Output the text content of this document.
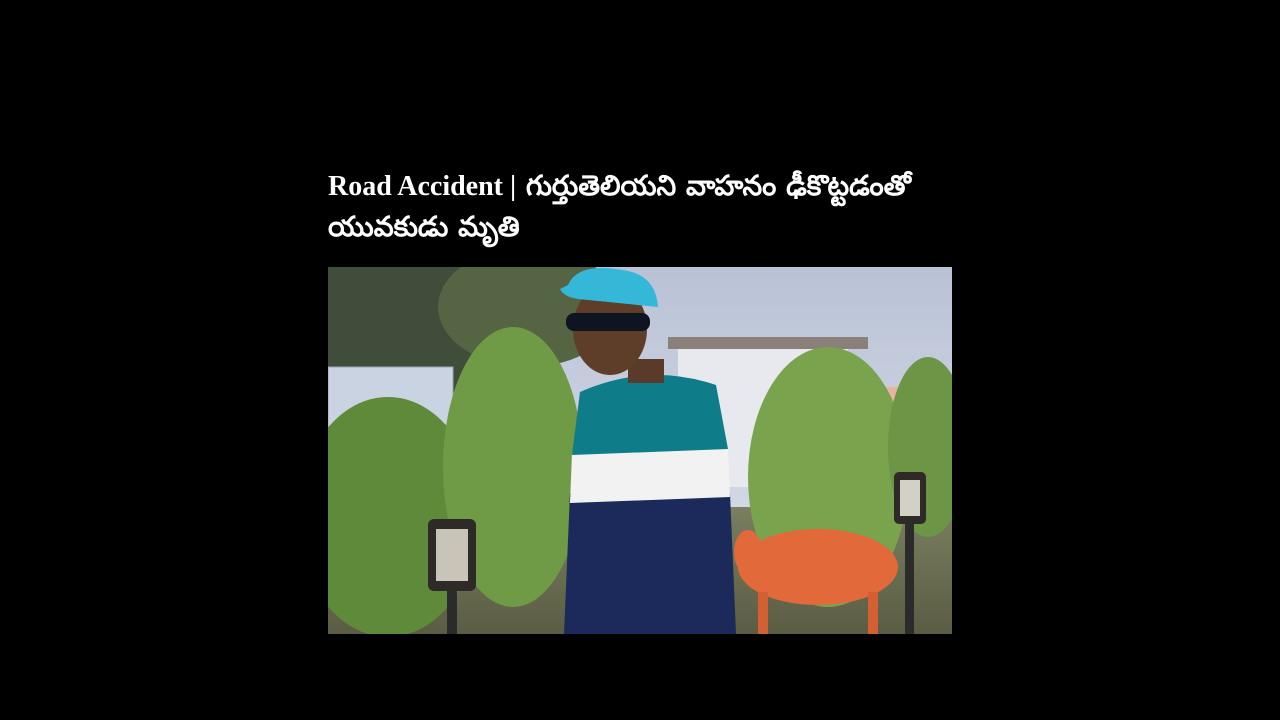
Road Accident | గుర్తుతెలియని వాహనం ఢీకొట్టడంతో యువకుడు మృతి
